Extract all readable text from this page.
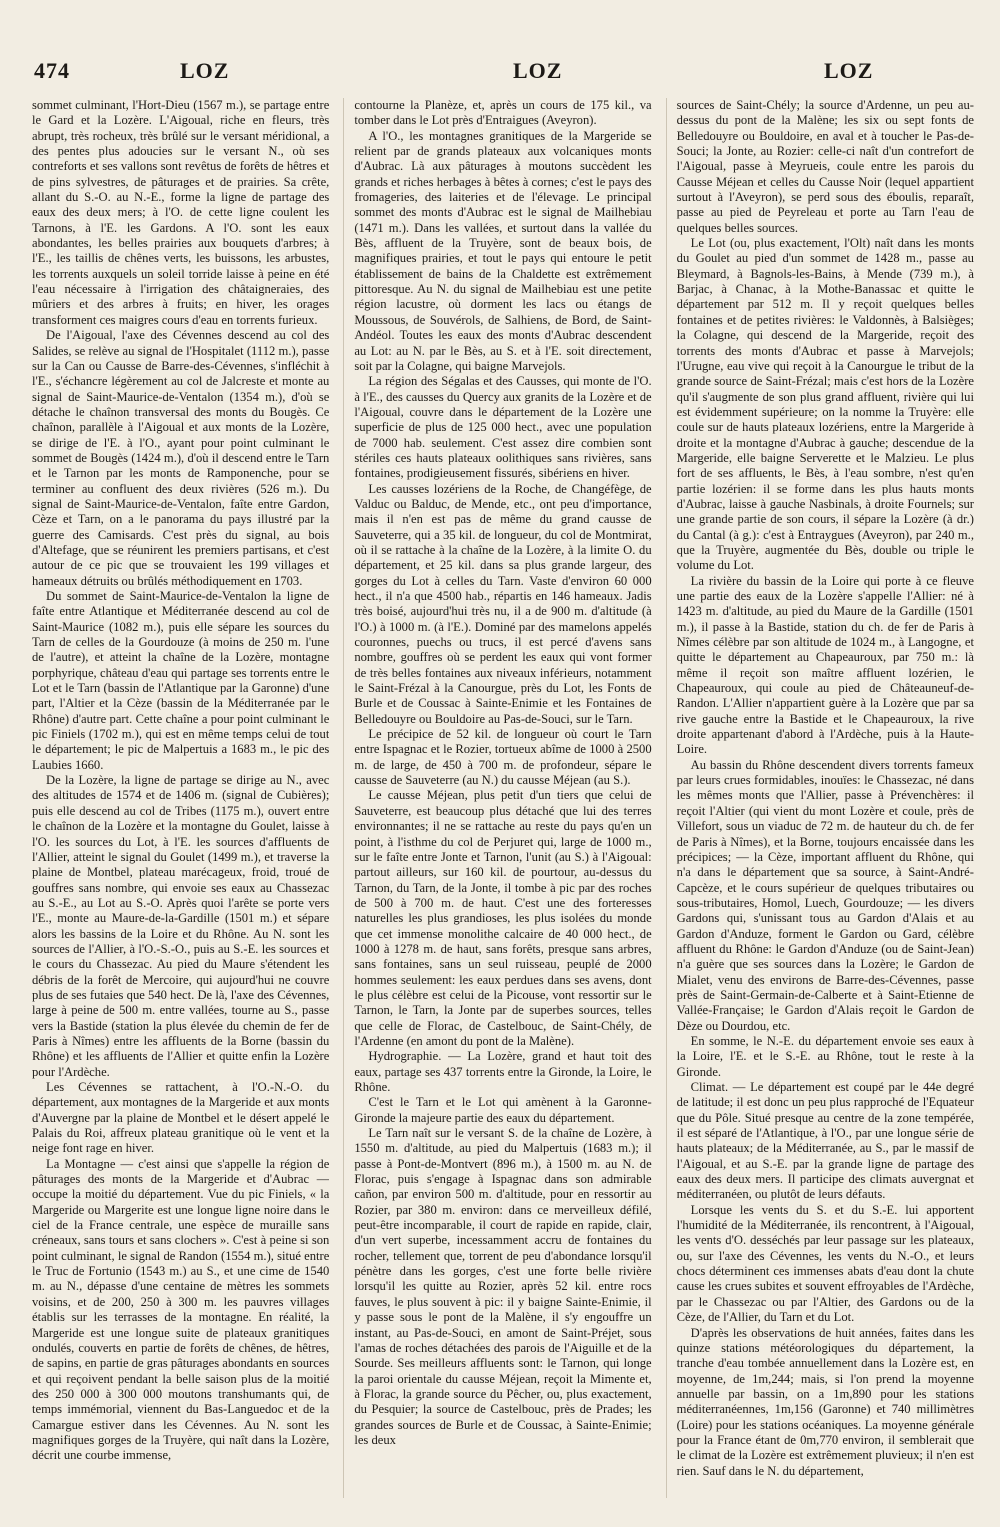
474	LOZ	LOZ	LOZ

sommet culminant, l'Hort-Dieu (1567 m.), se partage entre le Gard et la Lozère. L'Aigoual, riche en fleurs, très abrupt, très rocheux, très brûlé sur le versant méridional, a des pentes plus adoucies sur le versant N., où ses contreforts et ses vallons sont revêtus de forêts de hêtres et de pins sylvestres, de pâturages et de prairies. Sa crête, allant du S.-O. au N.-E., forme la ligne de partage des eaux des deux mers; à l'O. de cette ligne coulent les Tarnons, à l'E. les Gardons. A l'O. sont les eaux abondantes, les belles prairies aux bouquets d'arbres; à l'E., les taillis de chênes verts, les buissons, les arbustes, les torrents auxquels un soleil torride laisse à peine en été l'eau nécessaire à l'irrigation des châtaigneraies, des mûriers et des arbres à fruits; en hiver, les orages transforment ces maigres cours d'eau en torrents furieux.

De l'Aigoual, l'axe des Cévennes descend au col des Salides, se relève au signal de l'Hospitalet (1112 m.), passe sur la Can ou Causse de Barre-des-Cévennes, s'infléchit à l'E., s'échancre légèrement au col de Jalcreste et monte au signal de Saint-Maurice-de-Ventalon (1354 m.), d'où se détache le chaînon transversal des monts du Bougès. Ce chaînon, parallèle à l'Aigoual et aux monts de la Lozère, se dirige de l'E. à l'O., ayant pour point culminant le sommet de Bougès (1424 m.), d'où il descend entre le Tarn et le Tarnon par les monts de Ramponenche, pour se terminer au confluent des deux rivières (526 m.). Du signal de Saint-Maurice-de-Ventalon, faîte entre Gardon, Cèze et Tarn, on a le panorama du pays illustré par la guerre des Camisards. C'est près du signal, au bois d'Altefage, que se réunirent les premiers partisans, et c'est autour de ce pic que se trouvaient les 199 villages et hameaux détruits ou brûlés méthodiquement en 1703.

Du sommet de Saint-Maurice-de-Ventalon la ligne de faîte entre Atlantique et Méditerranée descend au col de Saint-Maurice (1082 m.), puis elle sépare les sources du Tarn de celles de la Gourdouze (à moins de 250 m. l'une de l'autre), et atteint la chaîne de la Lozère, montagne porphyrique, château d'eau qui partage ses torrents entre le Lot et le Tarn (bassin de l'Atlantique par la Garonne) d'une part, l'Altier et la Cèze (bassin de la Méditerranée par le Rhône) d'autre part. Cette chaîne a pour point culminant le pic Finiels (1702 m.), qui est en même temps celui de tout le département; le pic de Malpertuis a 1683 m., le pic des Laubies 1660.

De la Lozère, la ligne de partage se dirige au N., avec des altitudes de 1574 et de 1406 m. (signal de Cubières); puis elle descend au col de Tribes (1175 m.), ouvert entre le chaînon de la Lozère et la montagne du Goulet, laisse à l'O. les sources du Lot, à l'E. les sources d'affluents de l'Allier, atteint le signal du Goulet (1499 m.), et traverse la plaine de Montbel, plateau marécageux, froid, troué de gouffres sans nombre, qui envoie ses eaux au Chassezac au S.-E., au Lot au S.-O. Après quoi l'arête se porte vers l'E., monte au Maure-de-la-Gardille (1501 m.) et sépare alors les bassins de la Loire et du Rhône. Au N. sont les sources de l'Allier, à l'O.-S.-O., puis au S.-E. les sources et le cours du Chassezac. Au pied du Maure s'étendent les débris de la forêt de Mercoire, qui aujourd'hui ne couvre plus de ses futaies que 540 hect. De là, l'axe des Cévennes, large à peine de 500 m. entre vallées, tourne au S., passe vers la Bastide (station la plus élevée du chemin de fer de Paris à Nîmes) entre les affluents de la Borne (bassin du Rhône) et les affluents de l'Allier et quitte enfin la Lozère pour l'Ardèche.

Les Cévennes se rattachent, à l'O.-N.-O. du département, aux montagnes de la Margeride et aux monts d'Auvergne par la plaine de Montbel et le désert appelé le Palais du Roi, affreux plateau granitique où le vent et la neige font rage en hiver.

La Montagne — c'est ainsi que s'appelle la région de pâturages des monts de la Margeride et d'Aubrac — occupe la moitié du département. Vue du pic Finiels, « la Margeride ou Margerite est une longue ligne noire dans le ciel de la France centrale, une espèce de muraille sans créneaux, sans tours et sans clochers ». C'est à peine si son point culminant, le signal de Randon (1554 m.), situé entre le Truc de Fortunio (1543 m.) au S., et une cime de 1540 m. au N., dépasse d'une centaine de mètres les sommets voisins, et de 200, 250 à 300 m. les pauvres villages établis sur les terrasses de la montagne. En réalité, la Margeride est une longue suite de plateaux granitiques ondulés, couverts en partie de forêts de chênes, de hêtres, de sapins, en partie de gras pâturages abondants en sources et qui reçoivent pendant la belle saison plus de la moitié des 250 000 à 300 000 moutons transhumants qui, de temps immémorial, viennent du Bas-Languedoc et de la Camargue estiver dans les Cévennes. Au N. sont les magnifiques gorges de la Truyère, qui naît dans la Lozère, décrit une courbe immense,

contourne la Planèze, et, après un cours de 175 kil., va tomber dans le Lot près d'Entraigues (Aveyron).

A l'O., les montagnes granitiques de la Margeride se relient par de grands plateaux aux volcaniques monts d'Aubrac. Là aux pâturages à moutons succèdent les grands et riches herbages à bêtes à cornes; c'est le pays des fromageries, des laiteries et de l'élevage. Le principal sommet des monts d'Aubrac est le signal de Mailhebiau (1471 m.). Dans les vallées, et surtout dans la vallée du Bès, affluent de la Truyère, sont de beaux bois, de magnifiques prairies, et tout le pays qui entoure le petit établissement de bains de la Chaldette est extrêmement pittoresque. Au N. du signal de Mailhebiau est une petite région lacustre, où dorment les lacs ou étangs de Moussous, de Souvérols, de Salhiens, de Bord, de Saint-Andéol. Toutes les eaux des monts d'Aubrac descendent au Lot: au N. par le Bès, au S. et à l'E. soit directement, soit par la Colagne, qui baigne Marvejols.

La région des Ségalas et des Causses, qui monte de l'O. à l'E., des causses du Quercy aux granits de la Lozère et de l'Aigoual, couvre dans le département de la Lozère une superficie de plus de 125 000 hect., avec une population de 7000 hab. seulement. C'est assez dire combien sont stériles ces hauts plateaux oolithiques sans rivières, sans fontaines, prodigieusement fissurés, sibériens en hiver.

Les causses lozériens de la Roche, de Changéfège, de Valduc ou Balduc, de Mende, etc., ont peu d'importance, mais il n'en est pas de même du grand causse de Sauveterre, qui a 35 kil. de longueur, du col de Montmirat, où il se rattache à la chaîne de la Lozère, à la limite O. du département, et 25 kil. dans sa plus grande largeur, des gorges du Lot à celles du Tarn. Vaste d'environ 60 000 hect., il n'a que 4500 hab., répartis en 146 hameaux. Jadis très boisé, aujourd'hui très nu, il a de 900 m. d'altitude (à l'O.) à 1000 m. (à l'E.). Dominé par des mamelons appelés couronnes, puechs ou trucs, il est percé d'avens sans nombre, gouffres où se perdent les eaux qui vont former de très belles fontaines aux niveaux inférieurs, notamment le Saint-Frézal à la Canourgue, près du Lot, les Fonts de Burle et de Coussac à Sainte-Enimie et les Fontaines de Belledouyre ou Bouldoire au Pas-de-Souci, sur le Tarn.

Le précipice de 52 kil. de longueur où court le Tarn entre Ispagnac et le Rozier, tortueux abîme de 1000 à 2500 m. de large, de 450 à 700 m. de profondeur, sépare le causse de Sauveterre (au N.) du causse Méjean (au S.).

Le causse Méjean, plus petit d'un tiers que celui de Sauveterre, est beaucoup plus détaché que lui des terres environnantes; il ne se rattache au reste du pays qu'en un point, à l'isthme du col de Perjuret qui, large de 1000 m., sur le faîte entre Jonte et Tarnon, l'unit (au S.) à l'Aigoual: partout ailleurs, sur 160 kil. de pourtour, au-dessus du Tarnon, du Tarn, de la Jonte, il tombe à pic par des roches de 500 à 700 m. de haut. C'est une des forteresses naturelles les plus grandioses, les plus isolées du monde que cet immense monolithe calcaire de 40 000 hect., de 1000 à 1278 m. de haut, sans forêts, presque sans arbres, sans fontaines, sans un seul ruisseau, peuplé de 2000 hommes seulement: les eaux perdues dans ses avens, dont le plus célèbre est celui de la Picouse, vont ressortir sur le Tarnon, le Tarn, la Jonte par de superbes sources, telles que celle de Florac, de Castelbouc, de Saint-Chély, de l'Ardenne (en amont du pont de la Malène).

Hydrographie. — La Lozère, grand et haut toit des eaux, partage ses 437 torrents entre la Gironde, la Loire, le Rhône.

C'est le Tarn et le Lot qui amènent à la Garonne-Gironde la majeure partie des eaux du département.

Le Tarn naît sur le versant S. de la chaîne de Lozère, à 1550 m. d'altitude, au pied du Malpertuis (1683 m.); il passe à Pont-de-Montvert (896 m.), à 1500 m. au N. de Florac, puis s'engage à Ispagnac dans son admirable cañon, par environ 500 m. d'altitude, pour en ressortir au Rozier, par 380 m. environ: dans ce merveilleux défilé, peut-être incomparable, il court de rapide en rapide, clair, d'un vert superbe, incessamment accru de fontaines du rocher, tellement que, torrent de peu d'abondance lorsqu'il pénètre dans les gorges, c'est une forte belle rivière lorsqu'il les quitte au Rozier, après 52 kil. entre rocs fauves, le plus souvent à pic: il y baigne Sainte-Enimie, il y passe sous le pont de la Malène, il s'y engouffre un instant, au Pas-de-Souci, en amont de Saint-Préjet, sous l'amas de roches détachées des parois de l'Aiguille et de la Sourde. Ses meilleurs affluents sont: le Tarnon, qui longe la paroi orientale du causse Méjean, reçoit la Mimente et, à Florac, la grande source du Pêcher, ou, plus exactement, du Pesquier; la source de Castelbouc, près de Prades; les grandes sources de Burle et de Coussac, à Sainte-Enimie; les deux

sources de Saint-Chély; la source d'Ardenne, un peu au-dessus du pont de la Malène; les six ou sept fonts de Belledouyre ou Bouldoire, en aval et à toucher le Pas-de-Souci; la Jonte, au Rozier: celle-ci naît d'un contrefort de l'Aigoual, passe à Meyrueis, coule entre les parois du Causse Méjean et celles du Causse Noir (lequel appartient surtout à l'Aveyron), se perd sous des éboulis, reparaît, passe au pied de Peyreleau et porte au Tarn l'eau de quelques belles sources.

Le Lot (ou, plus exactement, l'Olt) naît dans les monts du Goulet au pied d'un sommet de 1428 m., passe au Bleymard, à Bagnols-les-Bains, à Mende (739 m.), à Barjac, à Chanac, à la Mothe-Banassac et quitte le département par 512 m. Il y reçoit quelques belles fontaines et de petites rivières: le Valdonnès, à Balsièges; la Colagne, qui descend de la Margeride, reçoit des torrents des monts d'Aubrac et passe à Marvejols; l'Urugne, eau vive qui reçoit à la Canourgue le tribut de la grande source de Saint-Frézal; mais c'est hors de la Lozère qu'il s'augmente de son plus grand affluent, rivière qui lui est évidemment supérieure; on la nomme la Truyère: elle coule sur de hauts plateaux lozériens, entre la Margeride à droite et la montagne d'Aubrac à gauche; descendue de la Margeride, elle baigne Serverette et le Malzieu. Le plus fort de ses affluents, le Bès, à l'eau sombre, n'est qu'en partie lozérien: il se forme dans les plus hauts monts d'Aubrac, laisse à gauche Nasbinals, à droite Fournels; sur une grande partie de son cours, il sépare la Lozère (à dr.) du Cantal (à g.): c'est à Entraygues (Aveyron), par 240 m., que la Truyère, augmentée du Bès, double ou triple le volume du Lot.

La rivière du bassin de la Loire qui porte à ce fleuve une partie des eaux de la Lozère s'appelle l'Allier: né à 1423 m. d'altitude, au pied du Maure de la Gardille (1501 m.), il passe à la Bastide, station du ch. de fer de Paris à Nîmes célèbre par son altitude de 1024 m., à Langogne, et quitte le département au Chapeauroux, par 750 m.: là même il reçoit son maître affluent lozérien, le Chapeauroux, qui coule au pied de Châteauneuf-de-Randon. L'Allier n'appartient guère à la Lozère que par sa rive gauche entre la Bastide et le Chapeauroux, la rive droite appartenant d'abord à l'Ardèche, puis à la Haute-Loire.

Au bassin du Rhône descendent divers torrents fameux par leurs crues formidables, inouïes: le Chassezac, né dans les mêmes monts que l'Allier, passe à Prévenchères: il reçoit l'Altier (qui vient du mont Lozère et coule, près de Villefort, sous un viaduc de 72 m. de hauteur du ch. de fer de Paris à Nîmes), et la Borne, toujours encaissée dans les précipices; — la Cèze, important affluent du Rhône, qui n'a dans le département que sa source, à Saint-André-Capcèze, et le cours supérieur de quelques tributaires ou sous-tributaires, Homol, Luech, Gourdouze; — les divers Gardons qui, s'unissant tous au Gardon d'Alais et au Gardon d'Anduze, forment le Gardon ou Gard, célèbre affluent du Rhône: le Gardon d'Anduze (ou de Saint-Jean) n'a guère que ses sources dans la Lozère; le Gardon de Mialet, venu des environs de Barre-des-Cévennes, passe près de Saint-Germain-de-Calberte et à Saint-Etienne de Vallée-Française; le Gardon d'Alais reçoit le Gardon de Dèze ou Dourdou, etc.

En somme, le N.-E. du département envoie ses eaux à la Loire, l'E. et le S.-E. au Rhône, tout le reste à la Gironde.

Climat. — Le département est coupé par le 44e degré de latitude; il est donc un peu plus rapproché de l'Equateur que du Pôle. Situé presque au centre de la zone tempérée, il est séparé de l'Atlantique, à l'O., par une longue série de hauts plateaux; de la Méditerranée, au S., par le massif de l'Aigoual, et au S.-E. par la grande ligne de partage des eaux des deux mers. Il participe des climats auvergnat et méditerranéen, ou plutôt de leurs défauts.

Lorsque les vents du S. et du S.-E. lui apportent l'humidité de la Méditerranée, ils rencontrent, à l'Aigoual, les vents d'O. desséchés par leur passage sur les plateaux, ou, sur l'axe des Cévennes, les vents du N.-O., et leurs chocs déterminent ces immenses abats d'eau dont la chute cause les crues subites et souvent effroyables de l'Ardèche, par le Chassezac ou par l'Altier, des Gardons ou de la Cèze, de l'Allier, du Tarn et du Lot.

D'après les observations de huit années, faites dans les quinze stations météorologiques du département, la tranche d'eau tombée annuellement dans la Lozère est, en moyenne, de 1m,244; mais, si l'on prend la moyenne annuelle par bassin, on a 1m,890 pour les stations méditerranéennes, 1m,156 (Garonne) et 740 millimètres (Loire) pour les stations océaniques. La moyenne générale pour la France étant de 0m,770 environ, il semblerait que le climat de la Lozère est extrêmement pluvieux; il n'en est rien. Sauf dans le N. du département,
